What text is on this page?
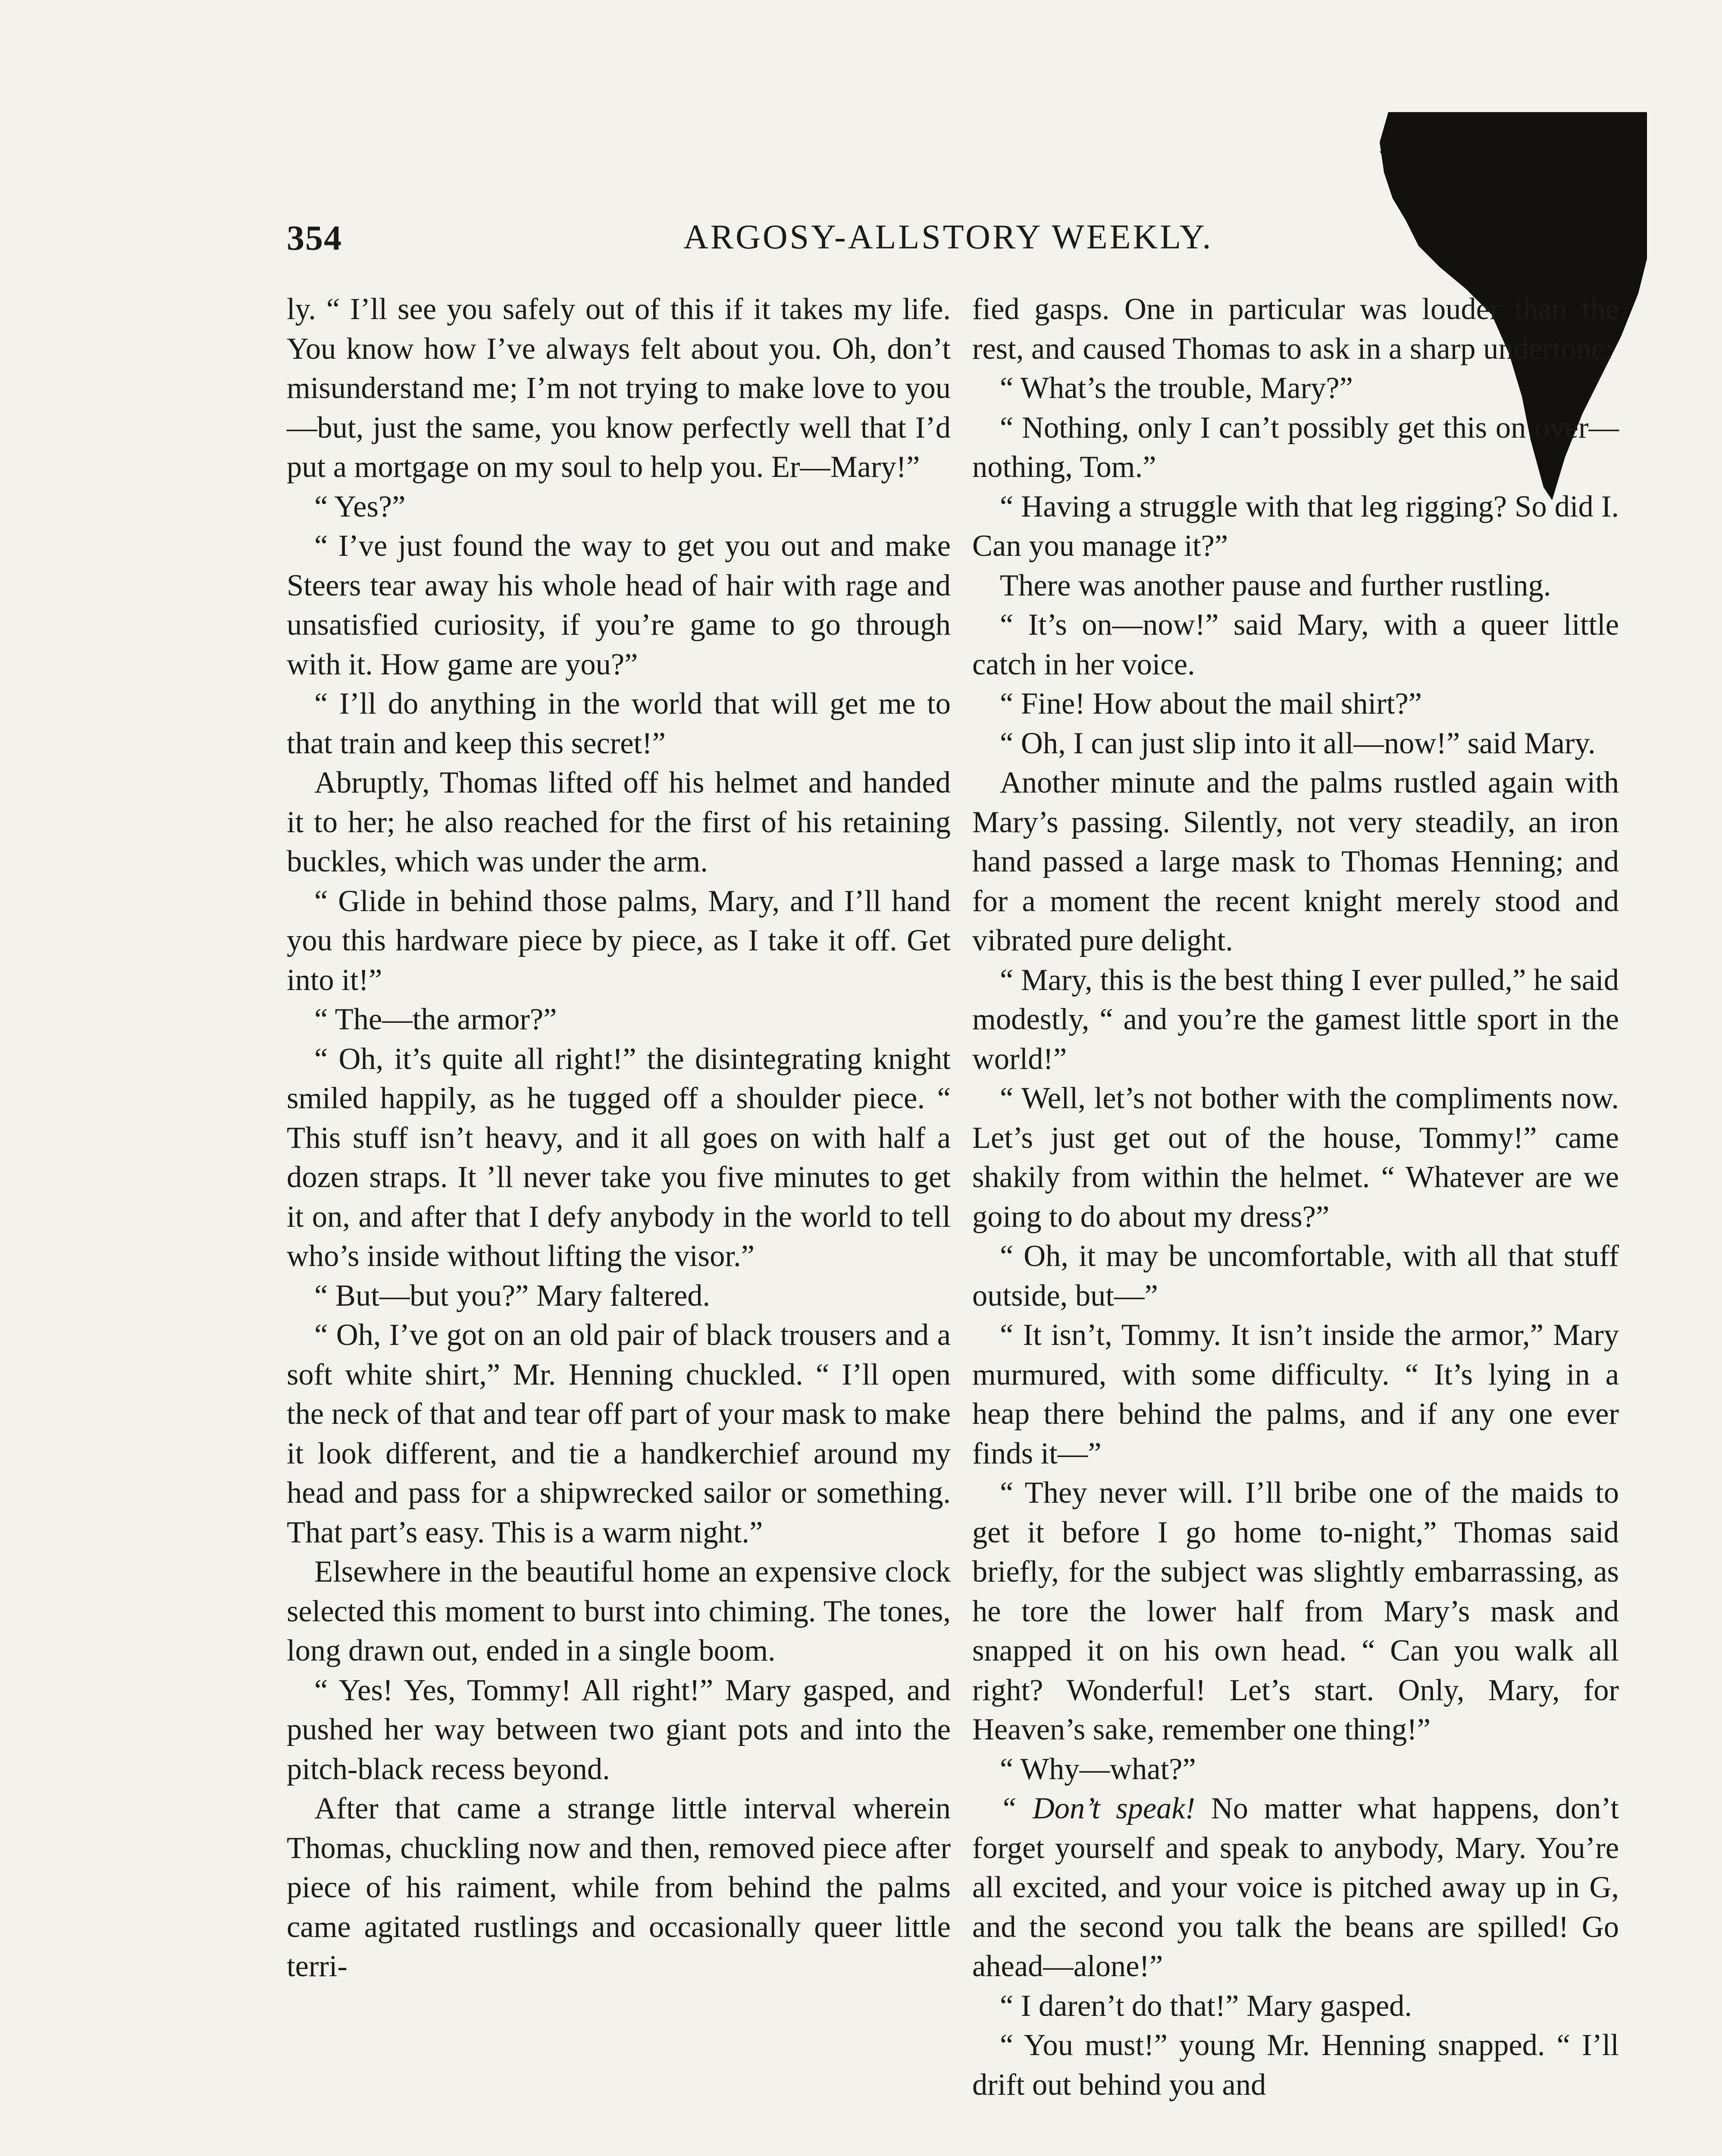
354	ARGOSY-ALLSTORY WEEKLY.

ly. “ I’ll see you safely out of this if it takes my life. You know how I’ve always felt about you. Oh, don’t misunderstand me; I’m not trying to make love to you—but, just the same, you know perfectly well that I’d put a mortgage on my soul to help you. Er—Mary!”

“ Yes?”

“ I’ve just found the way to get you out and make Steers tear away his whole head of hair with rage and unsatisfied curiosity, if you’re game to go through with it. How game are you?”

“ I’ll do anything in the world that will get me to that train and keep this secret!”

Abruptly, Thomas lifted off his helmet and handed it to her; he also reached for the first of his retaining buckles, which was under the arm.

“ Glide in behind those palms, Mary, and I’ll hand you this hardware piece by piece, as I take it off. Get into it!”

“ The—the armor?”

“ Oh, it’s quite all right!” the disintegrating knight smiled happily, as he tugged off a shoulder piece. “ This stuff isn’t heavy, and it all goes on with half a dozen straps. It ’ll never take you five minutes to get it on, and after that I defy anybody in the world to tell who’s inside without lifting the visor.”

“ But—but you?” Mary faltered.

“ Oh, I’ve got on an old pair of black trousers and a soft white shirt,” Mr. Henning chuckled. “ I’ll open the neck of that and tear off part of your mask to make it look different, and tie a handkerchief around my head and pass for a shipwrecked sailor or something. That part’s easy. This is a warm night.”

Elsewhere in the beautiful home an expensive clock selected this moment to burst into chiming. The tones, long drawn out, ended in a single boom.

“ Yes! Yes, Tommy! All right!” Mary gasped, and pushed her way between two giant pots and into the pitch-black recess beyond.

After that came a strange little interval wherein Thomas, chuckling now and then, removed piece after piece of his raiment, while from behind the palms came agitated rustlings and occasionally queer little terri-

fied gasps. One in particular was louder than the rest, and caused Thomas to ask in a sharp undertone:

“ What’s the trouble, Mary?”

“ Nothing, only I can’t possibly get this on over—nothing, Tom.”

“ Having a struggle with that leg rigging? So did I. Can you manage it?”

There was another pause and further rustling.

“ It’s on—now!” said Mary, with a queer little catch in her voice.

“ Fine! How about the mail shirt?”

“ Oh, I can just slip into it all—now!” said Mary.

Another minute and the palms rustled again with Mary’s passing. Silently, not very steadily, an iron hand passed a large mask to Thomas Henning; and for a moment the recent knight merely stood and vibrated pure delight.

“ Mary, this is the best thing I ever pulled,” he said modestly, “ and you’re the gamest little sport in the world!”

“ Well, let’s not bother with the compliments now. Let’s just get out of the house, Tommy!” came shakily from within the helmet. “ Whatever are we going to do about my dress?”

“ Oh, it may be uncomfortable, with all that stuff outside, but—”

“ It isn’t, Tommy. It isn’t inside the armor,” Mary murmured, with some difficulty. “ It’s lying in a heap there behind the palms, and if any one ever finds it—”

“ They never will. I’ll bribe one of the maids to get it before I go home to-night,” Thomas said briefly, for the subject was slightly embarrassing, as he tore the lower half from Mary’s mask and snapped it on his own head. “ Can you walk all right? Wonderful! Let’s start. Only, Mary, for Heaven’s sake, remember one thing!”

“ Why—what?”

“ Don’t speak! No matter what happens, don’t forget yourself and speak to anybody, Mary. You’re all excited, and your voice is pitched away up in G, and the second you talk the beans are spilled! Go ahead—alone!”

“ I daren’t do that!” Mary gasped.

“ You must!” young Mr. Henning snapped. “ I’ll drift out behind you and
